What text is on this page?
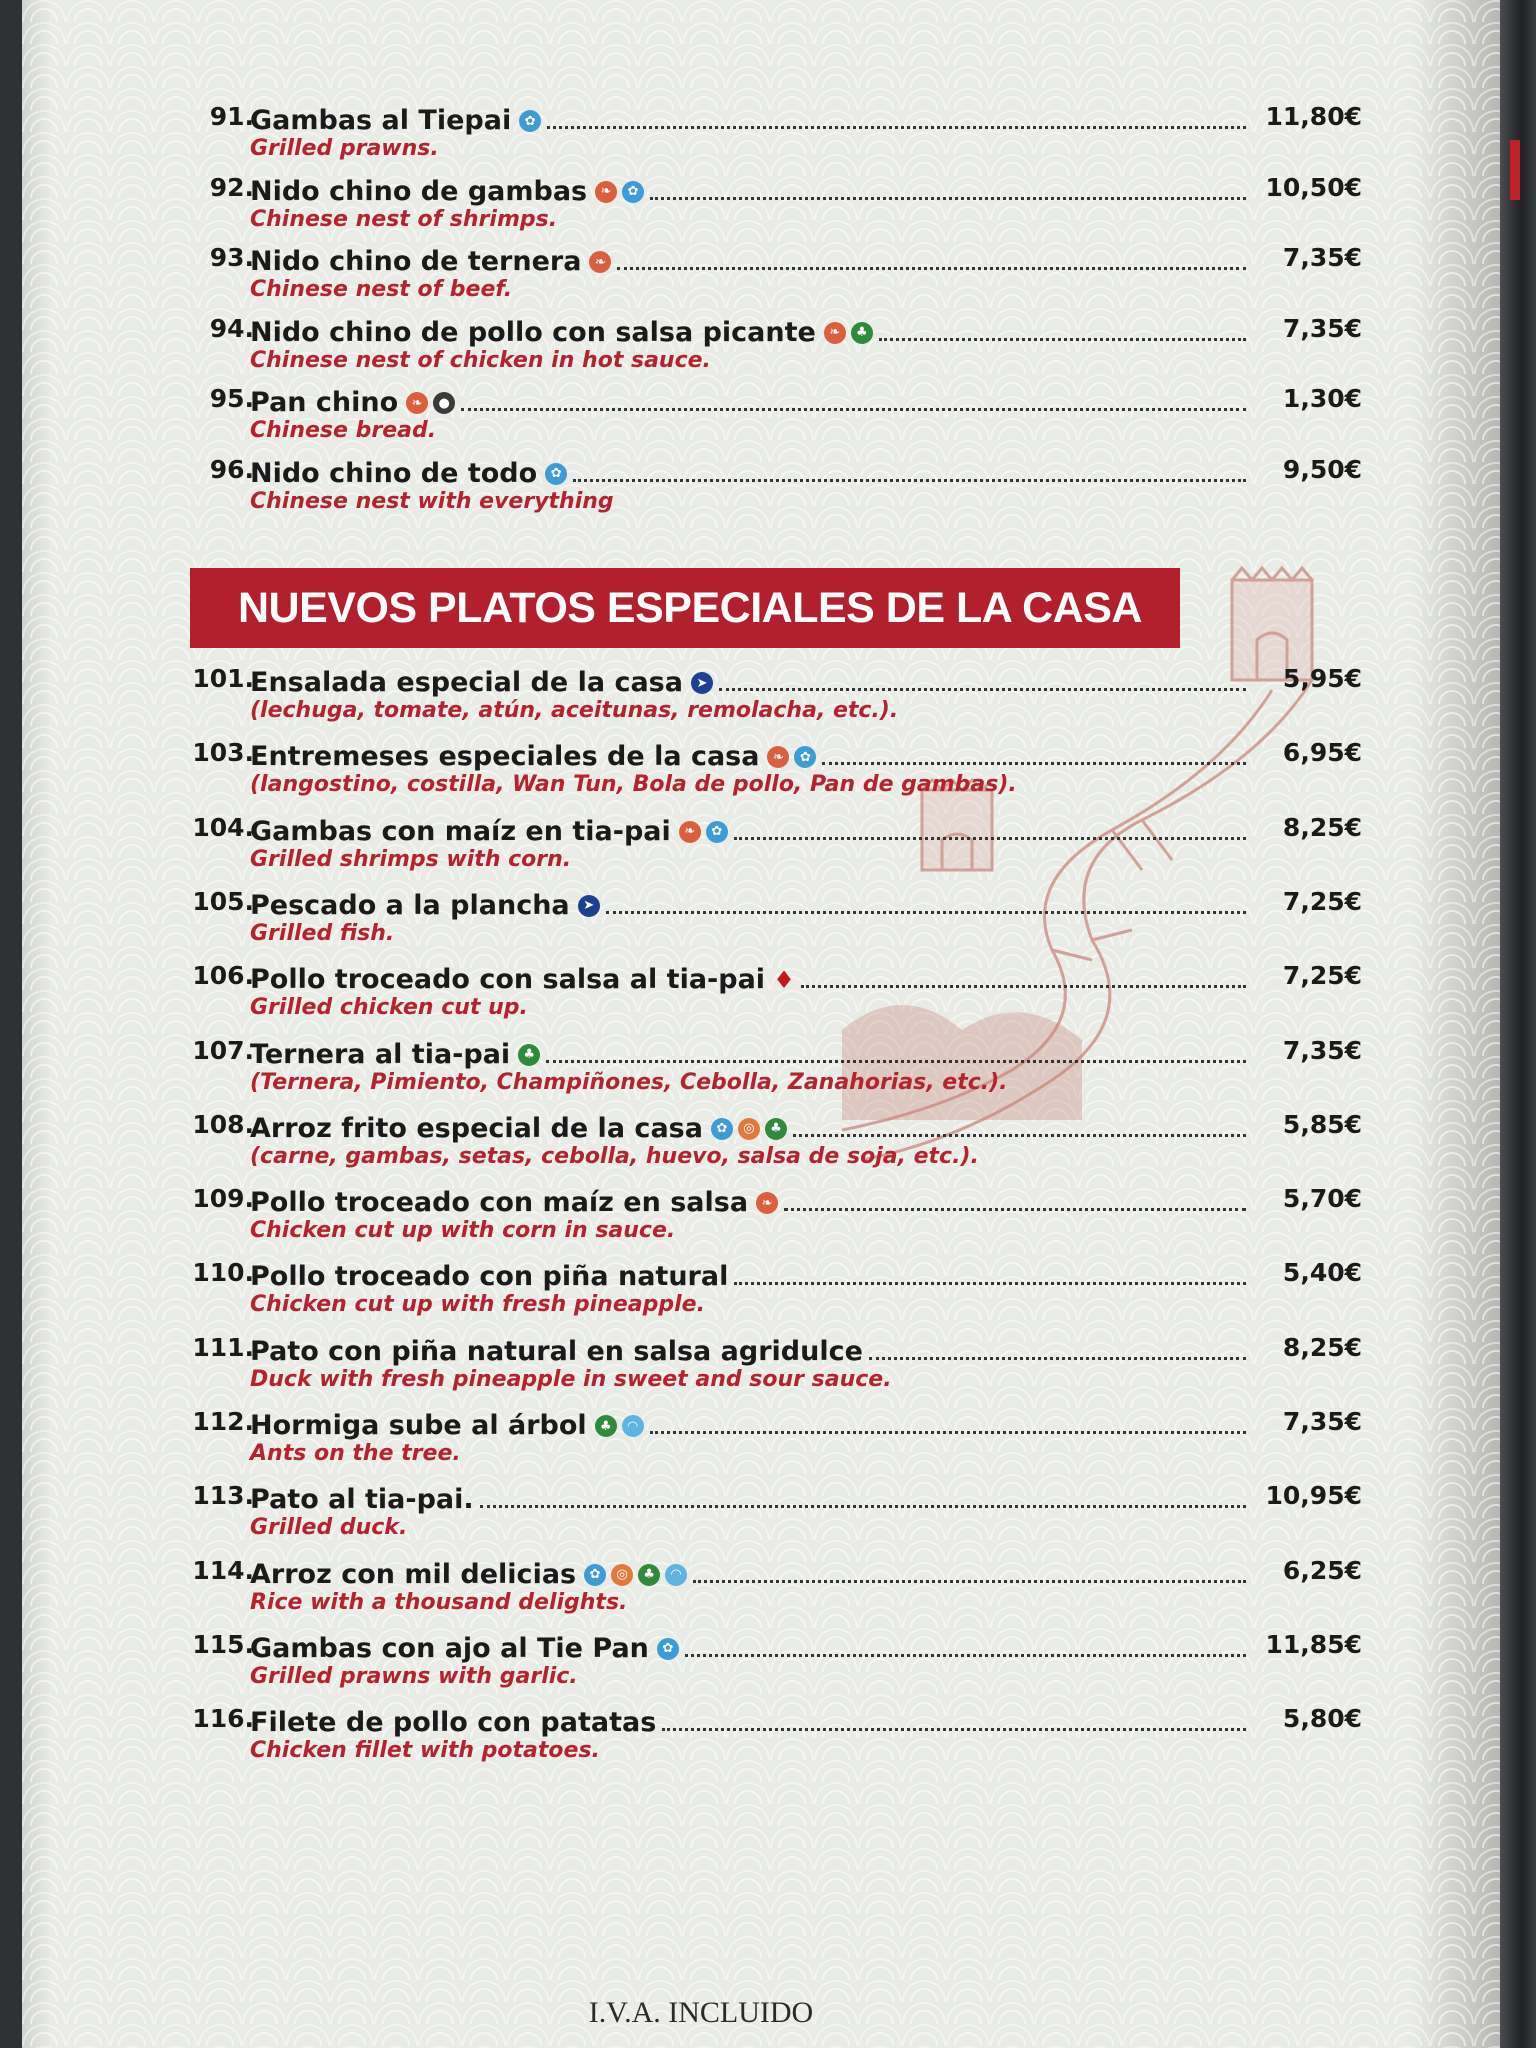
91.
Gambas al Tiepai	✿	11,80€
Grilled prawns.
92.
Nido chino de gambas	❧	✿	10,50€
Chinese nest of shrimps.
93.
Nido chino de ternera	❧	7,35€
Chinese nest of beef.
94.
Nido chino de pollo con salsa picante	❧	♣	7,35€
Chinese nest of chicken in hot sauce.
95.
Pan chino	❧	●	1,30€
Chinese bread.
96.
Nido chino de todo	✿	9,50€
Chinese nest with everything
NUEVOS PLATOS ESPECIALES DE LA CASA
101.
Ensalada especial de la casa	➤	5,95€
(lechuga, tomate, atún, aceitunas, remolacha, etc.).
103.
Entremeses especiales de la casa	❧	✿	6,95€
(langostino, costilla, Wan Tun, Bola de pollo, Pan de gambas).
104.
Gambas con maíz en tia-pai	❧	✿	8,25€
Grilled shrimps with corn.
105.
Pescado a la plancha	➤	7,25€
Grilled fish.
106.
Pollo troceado con salsa al tia-pai ♦	7,25€
Grilled chicken cut up.
107.
Ternera al tia-pai	♣	7,35€
(Ternera, Pimiento, Champiñones, Cebolla, Zanahorias, etc.).
108.
Arroz frito especial de la casa	✿	◎	♣	5,85€
(carne, gambas, setas, cebolla, huevo, salsa de soja, etc.).
109.
Pollo troceado con maíz en salsa	❧	5,70€
Chicken cut up with corn in sauce.
110.
Pollo troceado con piña natural	5,40€
Chicken cut up with fresh pineapple.
111.
Pato con piña natural en salsa agridulce	8,25€
Duck with fresh pineapple in sweet and sour sauce.
112.
Hormiga sube al árbol	♣	◠	7,35€
Ants on the tree.
113.
Pato al tia-pai.	10,95€
Grilled duck.
114.
Arroz con mil delicias	✿	◎	♣	◠	6,25€
Rice with a thousand delights.
115.
Gambas con ajo al Tie Pan	✿	11,85€
Grilled prawns with garlic.
116.
Filete de pollo con patatas	5,80€
Chicken fillet with potatoes.
I.V.A. INCLUIDO
